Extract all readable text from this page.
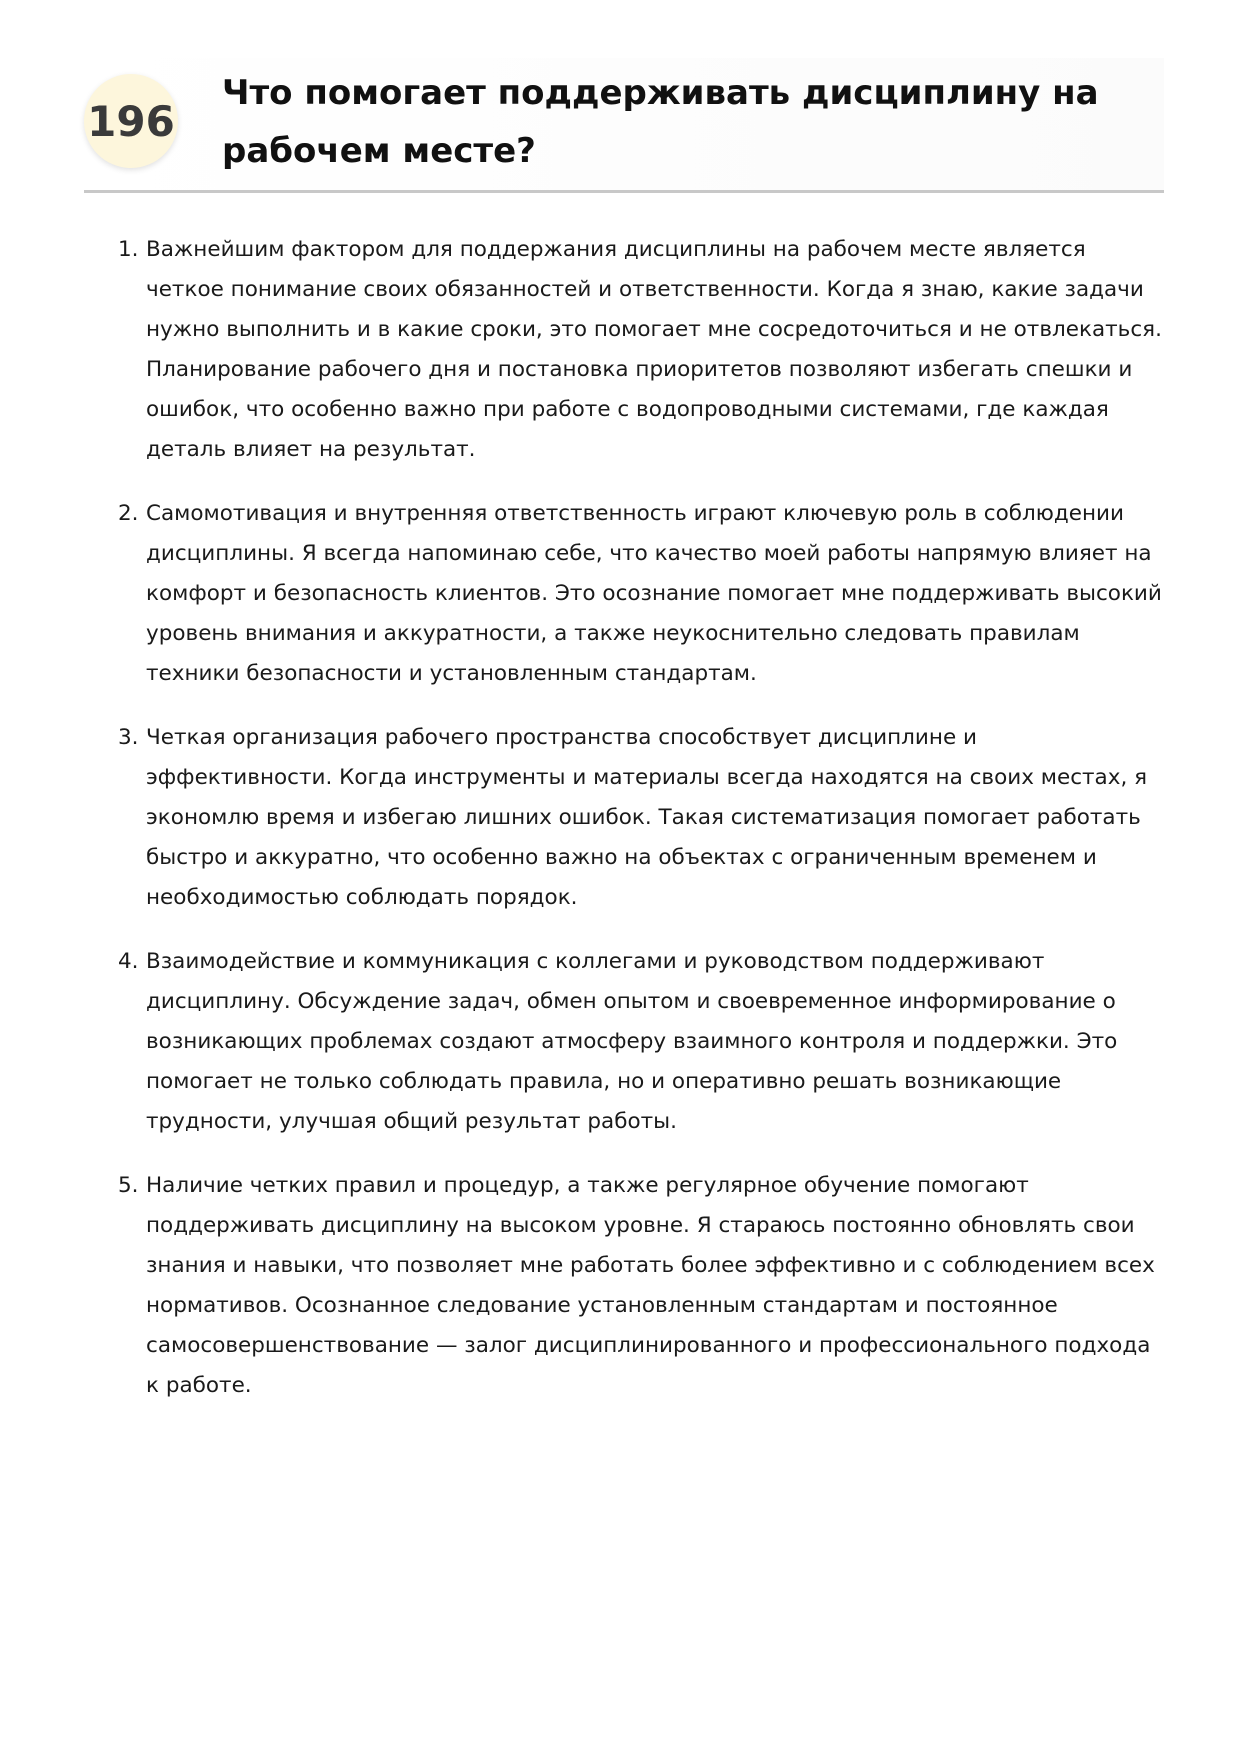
196
Что помогает поддерживать дисциплину на рабочем месте?
1. Важнейшим фактором для поддержания дисциплины на рабочем месте является четкое понимание своих обязанностей и ответственности. Когда я знаю, какие задачи нужно выполнить и в какие сроки, это помогает мне сосредоточиться и не отвлекаться. Планирование рабочего дня и постановка приоритетов позволяют избегать спешки и ошибок, что особенно важно при работе с водопроводными системами, где каждая деталь влияет на результат.
2. Самомотивация и внутренняя ответственность играют ключевую роль в соблюдении дисциплины. Я всегда напоминаю себе, что качество моей работы напрямую влияет на комфорт и безопасность клиентов. Это осознание помогает мне поддерживать высокий уровень внимания и аккуратности, а также неукоснительно следовать правилам техники безопасности и установленным стандартам.
3. Четкая организация рабочего пространства способствует дисциплине и эффективности. Когда инструменты и материалы всегда находятся на своих местах, я экономлю время и избегаю лишних ошибок. Такая систематизация помогает работать быстро и аккуратно, что особенно важно на объектах с ограниченным временем и необходимостью соблюдать порядок.
4. Взаимодействие и коммуникация с коллегами и руководством поддерживают дисциплину. Обсуждение задач, обмен опытом и своевременное информирование о возникающих проблемах создают атмосферу взаимного контроля и поддержки. Это помогает не только соблюдать правила, но и оперативно решать возникающие трудности, улучшая общий результат работы.
5. Наличие четких правил и процедур, а также регулярное обучение помогают поддерживать дисциплину на высоком уровне. Я стараюсь постоянно обновлять свои знания и навыки, что позволяет мне работать более эффективно и с соблюдением всех нормативов. Осознанное следование установленным стандартам и постоянное самосовершенствование — залог дисциплинированного и профессионального подхода к работе.
